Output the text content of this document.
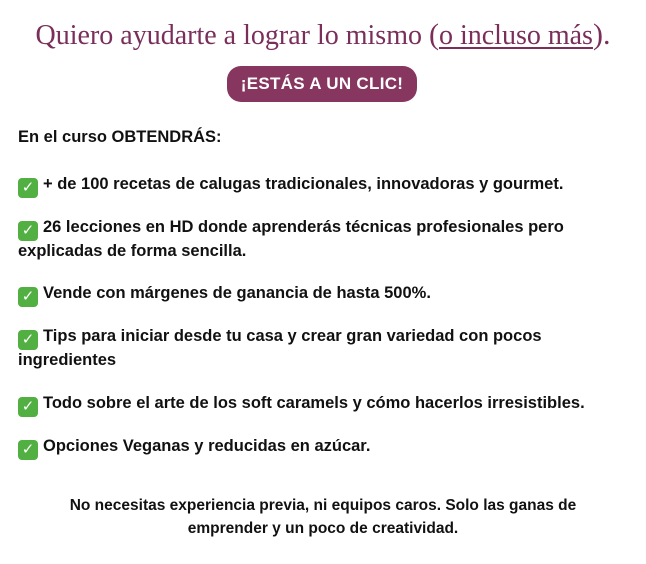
Quiero ayudarte a lograr lo mismo (o incluso más).
¡ESTÁS A UN CLIC!
En el curso OBTENDRÁS:
✓ + de 100 recetas de calugas tradicionales, innovadoras y gourmet.
✓ 26 lecciones en HD donde aprenderás técnicas profesionales pero explicadas de forma sencilla.
✓ Vende con márgenes de ganancia de hasta 500%.
✓ Tips para iniciar desde tu casa y crear gran variedad con pocos ingredientes
✓ Todo sobre el arte de los soft caramels y cómo hacerlos irresistibles.
✓ Opciones Veganas y reducidas en azúcar.
No necesitas experiencia previa, ni equipos caros. Solo las ganas de
emprender y un poco de creatividad.
